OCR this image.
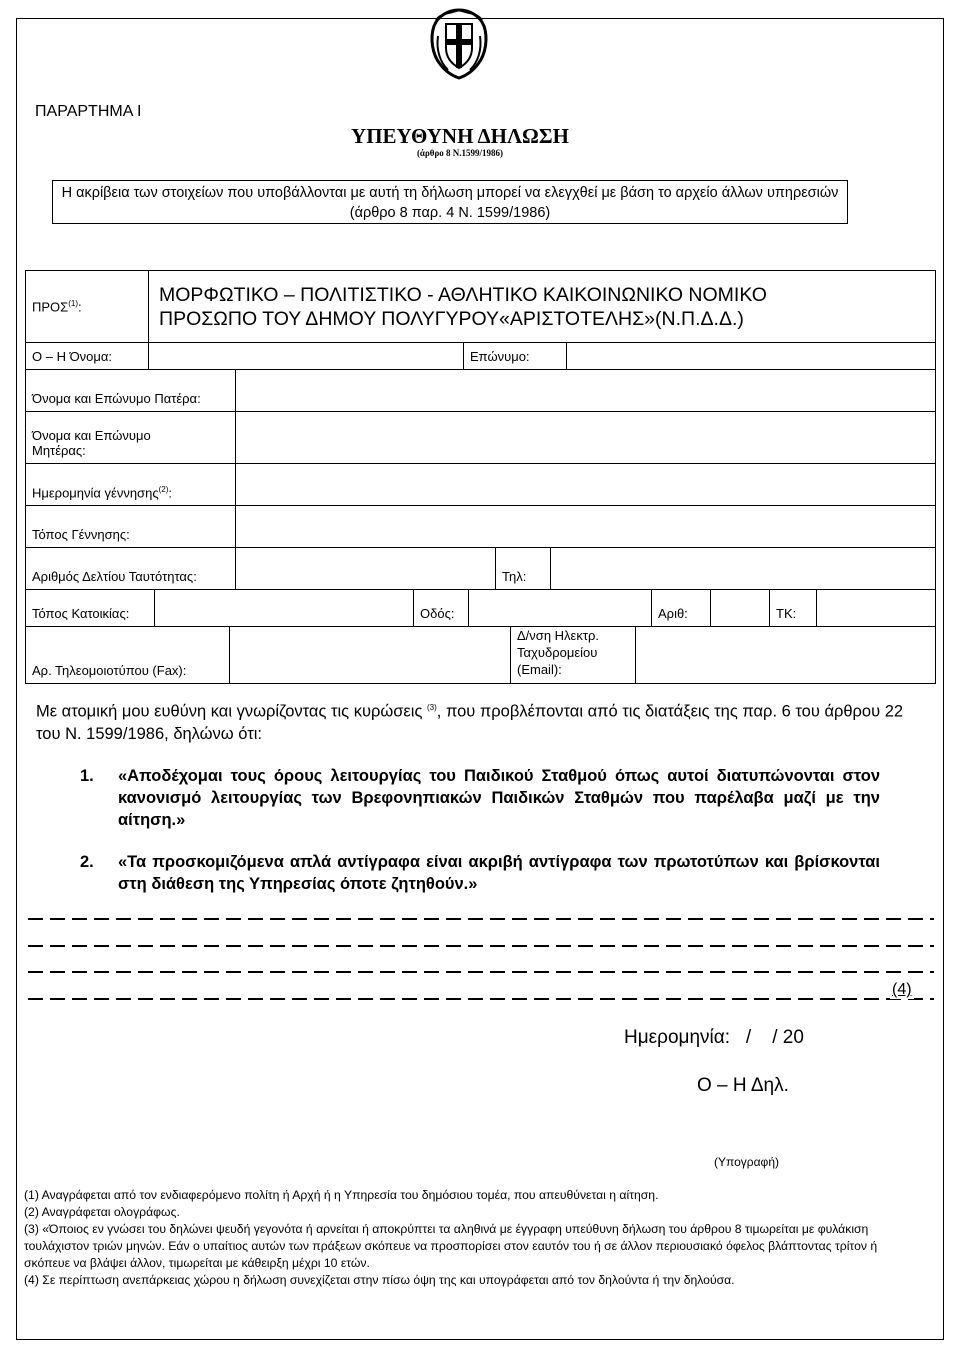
ΠΑΡΑΡΤΗΜΑ Ι
ΥΠΕΥΘΥΝΗ ΔΗΛΩΣΗ
(άρθρο 8 Ν.1599/1986)
Η ακρίβεια των στοιχείων που υποβάλλονται με αυτή τη δήλωση μπορεί να ελεγχθεί με βάση το αρχείο άλλων υπηρεσιών
(άρθρο 8 παρ. 4 Ν. 1599/1986)
ΠΡΟΣ$^{(1)}$:	
ΜΟΡΦΩΤΙΚΟ – ΠΟΛΙΤΙΣΤΙΚΟ - ΑΘΛΗΤΙΚΟ ΚΑΙΚΟΙΝΩΝΙΚΟ ΝΟΜΙΚΟ
ΠΡΟΣΩΠΟ ΤΟΥ ΔΗΜΟΥ ΠΟΛΥΓΥΡΟΥ«ΑΡΙΣΤΟΤΕΛΗΣ»(Ν.Π.Δ.Δ.)
Ο – Η Όνομα:		Επώνυμο:	
Όνομα και Επώνυμο Πατέρα:	

Όνομα και Επώνυμο
Μητέρας:	

Ημερομηνία γέννησης$^{(2)}$:	
Τόπος Γέννησης:	
Αριθμός Δελτίου Ταυτότητας:		Τηλ:	
Τόπος Κατοικίας:		Οδός:		Αριθ:		ΤΚ:	
Αρ. Τηλεομοιοτύπου (Fax):		
Δ/νση Ηλεκτρ.
Ταχυδρομείου
(Email):

Με ατομική μου ευθύνη και γνωρίζοντας τις κυρώσεις $^{(3)}$, που προβλέπονται από τις διατάξεις της παρ. 6 του άρθρου 22 του Ν. 1599/1986, δηλώνω ότι:
1. «Αποδέχομαι τους όρους λειτουργίας του Παιδικού Σταθμού όπως αυτοί διατυπώνονται στον κανονισμό λειτουργίας των Βρεφονηπιακών Παιδικών Σταθμών που παρέλαβα μαζί με την αίτηση.»
2. «Τα προσκομιζόμενα απλά αντίγραφα είναι ακριβή αντίγραφα των πρωτοτύπων και βρίσκονται στη διάθεση της Υπηρεσίας όποτε ζητηθούν.»
(4)
Ημερομηνία:   /    / 20
Ο – Η Δηλ.
(Υπογραφή)
(1) Αναγράφεται από τον ενδιαφερόμενο πολίτη ή Αρχή ή η Υπηρεσία του δημόσιου τομέα, που απευθύνεται η αίτηση.
(2) Αναγράφεται ολογράφως.
(3) «Όποιος εν γνώσει του δηλώνει ψευδή γεγονότα ή αρνείται ή αποκρύπτει τα αληθινά με έγγραφη υπεύθυνη δήλωση του άρθρου 8 τιμωρείται με φυλάκιση τουλάχιστον τριών μηνών. Εάν ο υπαίτιος αυτών των πράξεων σκόπευε να προσπορίσει στον εαυτόν του ή σε άλλον περιουσιακό όφελος βλάπτοντας τρίτον ή σκόπευε να βλάψει άλλον, τιμωρείται με κάθειρξη μέχρι 10 ετών.
(4) Σε περίπτωση ανεπάρκειας χώρου η δήλωση συνεχίζεται στην πίσω όψη της και υπογράφεται από τον δηλούντα ή την δηλούσα.
